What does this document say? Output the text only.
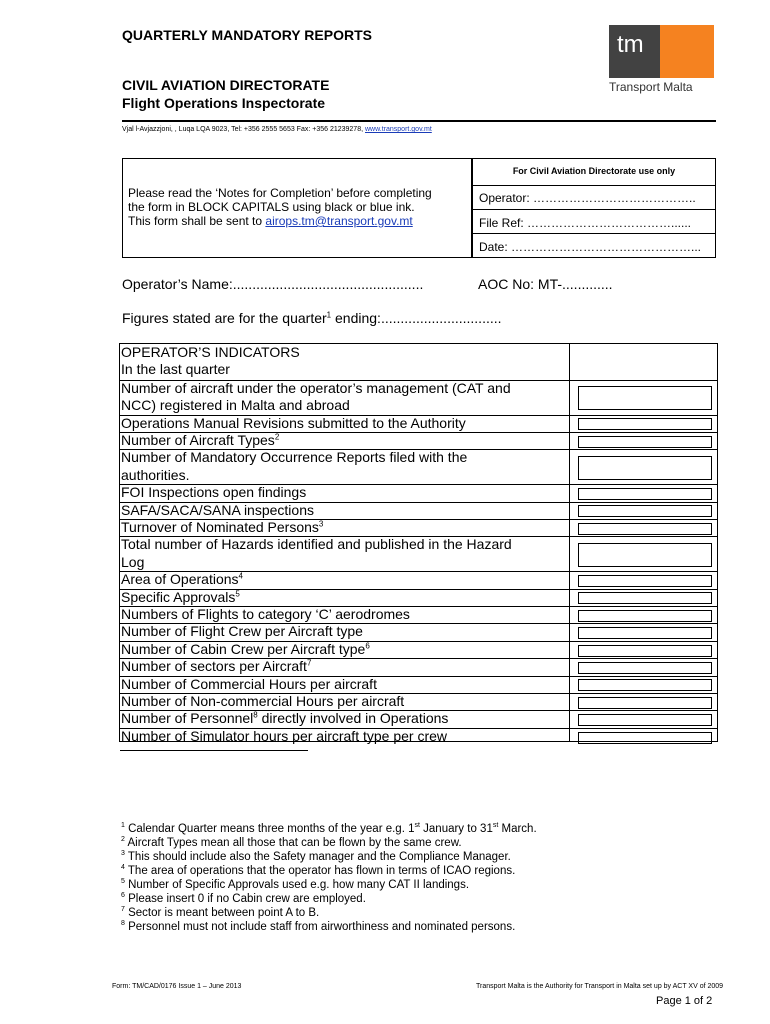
QUARTERLY MANDATORY REPORTS
CIVIL AVIATION DIRECTORATE
Flight Operations Inspectorate
tm
Transport Malta
Vjal l-Avjazzjoni, , Luqa LQA 9023, Tel: +356 2555 5653 Fax: +356 21239278, www.transport.gov.mt
Please read the ‘Notes for Completion’ before completing
the form in BLOCK CAPITALS using black or blue ink.
This form shall be sent to airops.tm@transport.gov.mt
For Civil Aviation Directorate use only
Operator: …………………………………..
File Ref: ………………………………......
Date: ………………………………………...
Operator’s Name:.................................................	AOC No: MT-.............
Figures stated are for the quarter$^1$ ending:...............................
OPERATOR’S INDICATORS
In the last quarter
Number of aircraft under the operator’s management (CAT and
NCC) registered in Malta and abroad
Operations Manual Revisions submitted to the Authority
Number of Aircraft Types$^2$
Number of Mandatory Occurrence Reports filed with the
authorities.
FOI Inspections open findings
SAFA/SACA/SANA inspections
Turnover of Nominated Persons$^3$
Total number of Hazards identified and published in the Hazard
Log
Area of Operations$^4$
Specific Approvals$^5$
Numbers of Flights to category ‘C’ aerodromes
Number of Flight Crew per Aircraft type
Number of Cabin Crew per Aircraft type$^6$
Number of sectors per Aircraft$^7$
Number of Commercial Hours per aircraft
Number of Non-commercial Hours per aircraft
Number of Personnel$^8$ directly involved in Operations
Number of Simulator hours per aircraft type per crew
$^1$ Calendar Quarter means three months of the year e.g. 1st January to 31st March.
$^2$ Aircraft Types mean all those that can be flown by the same crew.
$^3$ This should include also the Safety manager and the Compliance Manager.
$^4$ The area of operations that the operator has flown in terms of ICAO regions.
$^5$ Number of Specific Approvals used e.g. how many CAT II landings.
$^6$ Please insert 0 if no Cabin crew are employed.
$^7$ Sector is meant between point A to B.
$^8$ Personnel must not include staff from airworthiness and nominated persons.
Form: TM/CAD/0176 Issue 1 – June 2013	Transport Malta is the Authority for Transport in Malta set up by ACT XV of 2009
Page 1 of 2
